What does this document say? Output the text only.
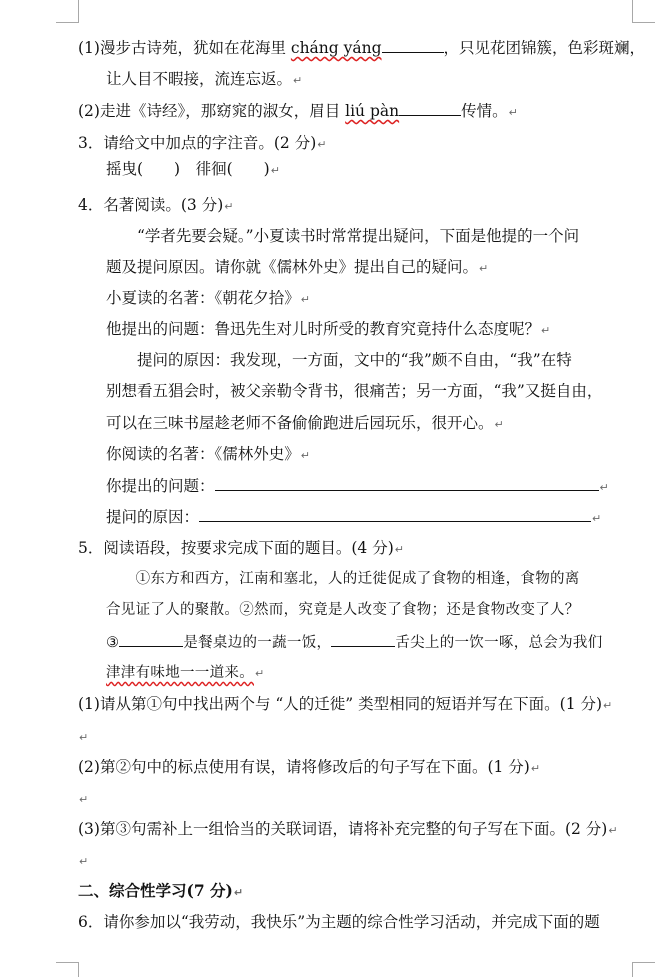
(1)漫步古诗苑，犹如在花海里 cháng yáng	，只见花团锦簇，色彩斑斓，
让人目不暇接，流连忘返。↵
(2)走进《诗经》，那窈窕的淑女，眉目 liú pàn	传情。↵
3．请给文中加点的字注音。(2 分)↵
摇曳(　　)　徘徊(　　)↵
4．名著阅读。(3 分)↵
　　“学者先要会疑。”小夏读书时常常提出疑问，下面是他提的一个问
题及提问原因。请你就《儒林外史》提出自己的疑问。↵
小夏读的名著：《朝花夕拾》↵
他提出的问题：鲁迅先生对儿时所受的教育究竟持什么态度呢？↵
　　提问的原因：我发现，一方面，文中的“我”颇不自由，“我”在特
别想看五猖会时，被父亲勒令背书，很痛苦；另一方面，“我”又挺自由，
可以在三味书屋趁老师不备偷偷跑进后园玩乐，很开心。↵
你阅读的名著：《儒林外史》↵
你提出的问题：	↵
提问的原因：	↵
5．阅读语段，按要求完成下面的题目。(4 分)↵
　　①东方和西方，江南和塞北，人的迁徙促成了食物的相逢，食物的离
合见证了人的聚散。②然而，究竟是人改变了食物；还是食物改变了人？
③	是餐桌边的一蔬一饭，	舌尖上的一饮一啄，总会为我们
津津有味地一一道来。↵
(1)请从第①句中找出两个与 “人的迁徙” 类型相同的短语并写在下面。(1 分)↵
↵
(2)第②句中的标点使用有误，请将修改后的句子写在下面。(1 分)↵
↵
(3)第③句需补上一组恰当的关联词语，请将补充完整的句子写在下面。(2 分)↵
↵
二、综合性学习(7 分)↵
6．请你参加以“我劳动，我快乐”为主题的综合性学习活动，并完成下面的题
